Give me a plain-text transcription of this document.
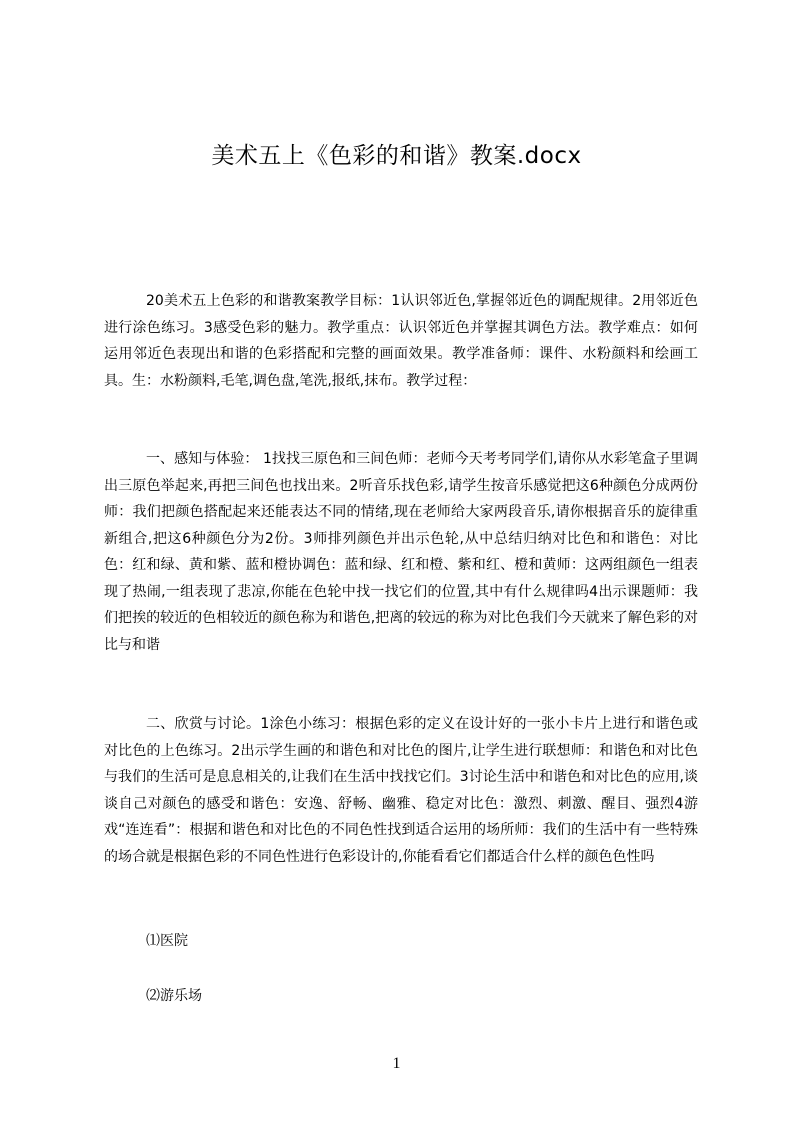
美术五上《色彩的和谐》教案.docx

20美术五上色彩的和谐教案教学目标：1认识邻近色,掌握邻近色的调配规律。2用邻近色进行涂色练习。3感受色彩的魅力。教学重点：认识邻近色并掌握其调色方法。教学难点：如何运用邻近色表现出和谐的色彩搭配和完整的画面效果。教学准备师：课件、水粉颜料和绘画工具。生：水粉颜料,毛笔,调色盘,笔洗,报纸,抹布。教学过程：

一、感知与体验： 1找找三原色和三间色师：老师今天考考同学们,请你从水彩笔盒子里调出三原色举起来,再把三间色也找出来。2听音乐找色彩,请学生按音乐感觉把这6种颜色分成两份师：我们把颜色搭配起来还能表达不同的情绪,现在老师给大家两段音乐,请你根据音乐的旋律重新组合,把这6种颜色分为2份。3师排列颜色并出示色轮,从中总结归纳对比色和和谐色：对比色：红和绿、黄和紫、蓝和橙协调色：蓝和绿、红和橙、紫和红、橙和黄师：这两组颜色一组表现了热闹,一组表现了悲凉,你能在色轮中找一找它们的位置,其中有什么规律吗4出示课题师：我们把挨的较近的色相较近的颜色称为和谐色,把离的较远的称为对比色我们今天就来了解色彩的对比与和谐

二、欣赏与讨论。1涂色小练习：根据色彩的定义在设计好的一张小卡片上进行和谐色或对比色的上色练习。2出示学生画的和谐色和对比色的图片,让学生进行联想师：和谐色和对比色与我们的生活可是息息相关的,让我们在生活中找找它们。3讨论生活中和谐色和对比色的应用,谈谈自己对颜色的感受和谐色：安逸、舒畅、幽雅、稳定对比色：激烈、刺激、醒目、强烈4游戏“连连看”：根据和谐色和对比色的不同色性找到适合运用的场所师：我们的生活中有一些特殊的场合就是根据色彩的不同色性进行色彩设计的,你能看看它们都适合什么样的颜色色性吗

⑴医院

⑵游乐场

1
